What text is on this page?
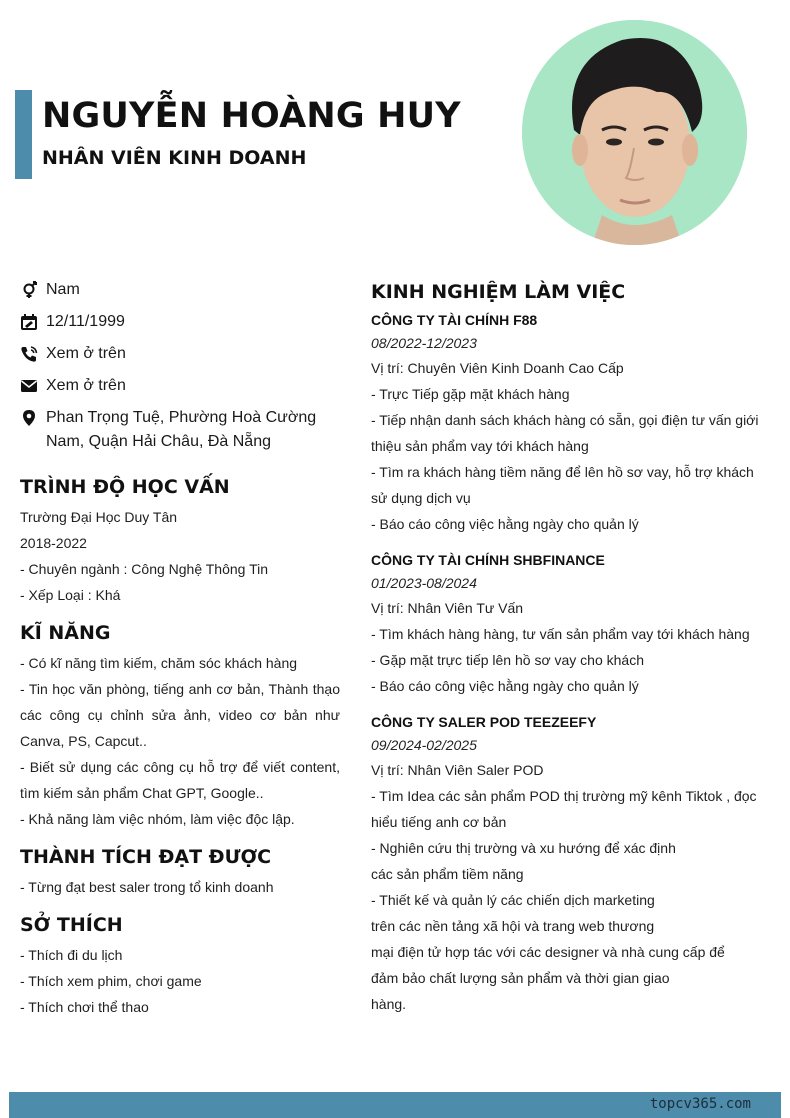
NGUYỄN HOÀNG HUY
NHÂN VIÊN KINH DOANH
Nam
12/11/1999
Xem ở trên
Xem ở trên
Phan Trọng Tuệ, Phường Hoà Cường Nam, Quận Hải Châu, Đà Nẵng
TRÌNH ĐỘ HỌC VẤN
Trường Đại Học Duy Tân
2018-2022
- Chuyên ngành : Công Nghệ Thông Tin
- Xếp Loại : Khá
KĨ NĂNG
- Có kĩ năng tìm kiếm, chăm sóc khách hàng
- Tin học văn phòng, tiếng anh cơ bản, Thành thạo các công cụ chỉnh sửa ảnh, video cơ bản như Canva, PS, Capcut..
- Biết sử dụng các công cụ hỗ trợ để viết content, tìm kiếm sản phẩm Chat GPT, Google..
- Khả năng làm việc nhóm, làm việc độc lập.
THÀNH TÍCH ĐẠT ĐƯỢC
- Từng đạt best saler trong tổ kinh doanh
SỞ THÍCH
- Thích đi du lịch
- Thích xem phim, chơi game
- Thích chơi thể thao
KINH NGHIỆM LÀM VIỆC
CÔNG TY TÀI CHÍNH F88
08/2022-12/2023
Vị trí: Chuyên Viên Kinh Doanh Cao Cấp
- Trực Tiếp gặp mặt khách hàng
- Tiếp nhận danh sách khách hàng có sẵn, gọi điện tư vấn giới thiệu sản phẩm vay tới khách hàng
- Tìm ra khách hàng tiềm năng để lên hồ sơ vay, hỗ trợ khách sử dụng dịch vụ
- Báo cáo công việc hằng ngày cho quản lý
CÔNG TY TÀI CHÍNH SHBFINANCE
01/2023-08/2024
Vị trí: Nhân Viên Tư Vấn
- Tìm khách hàng hàng, tư vấn sản phẩm vay tới khách hàng
- Gặp mặt trực tiếp lên hồ sơ vay cho khách
- Báo cáo công việc hằng ngày cho quản lý
CÔNG TY SALER POD TEEZEEFY
09/2024-02/2025
Vị trí: Nhân Viên Saler POD
- Tìm Idea các sản phẩm POD thị trường mỹ kênh Tiktok , đọc hiểu tiếng anh cơ bản
- Nghiên cứu thị trường và xu hướng để xác định
các sản phẩm tiềm năng
- Thiết kế và quản lý các chiến dịch marketing
trên các nền tảng xã hội và trang web thương
mại điện tử hợp tác với các designer và nhà cung cấp để
đảm bảo chất lượng sản phẩm và thời gian giao
hàng.
topcv365.com
